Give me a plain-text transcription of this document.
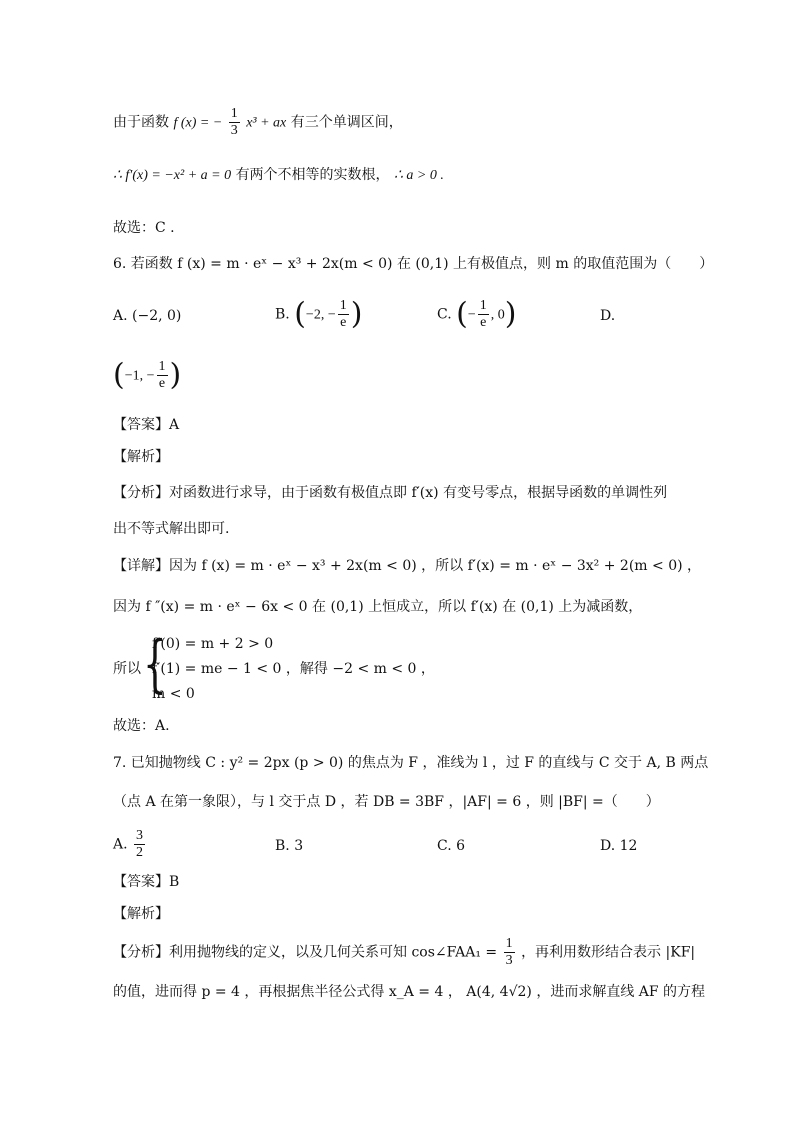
由于函数 f (x) = − $\frac{1}{3} x^3$ + ax 有三个单调区间，
∴ f′(x) = −x² + a = 0 有两个不相等的实数根， ∴ a > 0 .
故选：C .
6. 若函数 f (x) = m · eˣ − x³ + 2x(m < 0) 在 (0,1) 上有极值点，则 m 的取值范围为（　　）
A. (−2, 0)	B. (−2, − $\frac{1}{e}$ )	C. (− $\frac{1}{e}$ , 0)	D.
(−1, − $\frac{1}{e}$ )
【答案】A
【解析】
【分析】对函数进行求导，由于函数有极值点即 f′(x) 有变号零点，根据导函数的单调性列
出不等式解出即可.
【详解】因为 f (x) = m · eˣ − x³ + 2x(m < 0) ，所以 f′(x) = m · eˣ − 3x² + 2(m < 0) ，
因为 f ″(x) = m · eˣ − 6x < 0 在 (0,1) 上恒成立，所以 f′(x) 在 (0,1) 上为减函数，
所以 {
f′(0) = m + 2 > 0
f′(1) = me − 1 < 0 ，解得 −2 < m < 0 ，
m < 0
故选：A.
7. 已知抛物线 C : y² = 2px (p > 0) 的焦点为 F ，准线为 l ，过 F 的直线与 C 交于 A, B 两点
（点 A 在第一象限），与 l 交于点 D ，若 DB = 3BF ，|AF| = 6 ，则 |BF| =（　　）
A. $\frac{3}{2}$	B. 3	C. 6	D. 12
【答案】B
【解析】
【分析】利用抛物线的定义，以及几何关系可知 cos∠FAA₁ = $\frac{1}{3}$ ，再利用数形结合表示 |KF|
的值，进而得 p = 4 ，再根据焦半径公式得 x_A = 4 ， A(4, 4√2) ，进而求解直线 AF 的方程
